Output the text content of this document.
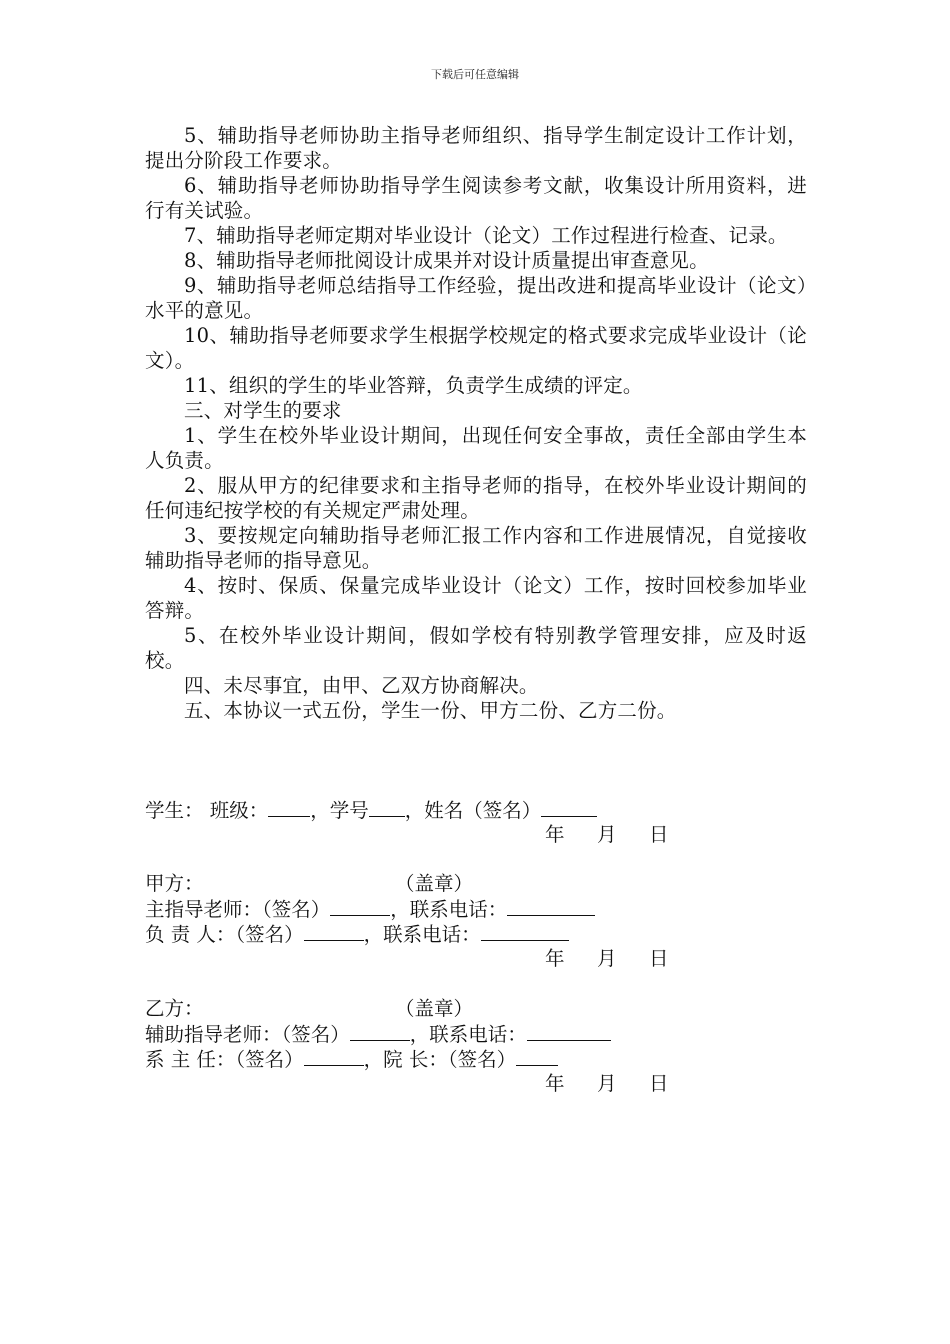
下载后可任意编辑

5、辅助指导老师协助主指导老师组织、指导学生制定设计工作计划，提出分阶段工作要求。

6、辅助指导老师协助指导学生阅读参考文献，收集设计所用资料，进行有关试验。

7、辅助指导老师定期对毕业设计（论文）工作过程进行检查、记录。

8、辅助指导老师批阅设计成果并对设计质量提出审查意见。

9、辅助指导老师总结指导工作经验，提出改进和提高毕业设计（论文）水平的意见。

10、辅助指导老师要求学生根据学校规定的格式要求完成毕业设计（论文）。

11、组织的学生的毕业答辩，负责学生成绩的评定。

三、对学生的要求

1、学生在校外毕业设计期间，出现任何安全事故，责任全部由学生本人负责。

2、服从甲方的纪律要求和主指导老师的指导，在校外毕业设计期间的任何违纪按学校的有关规定严肃处理。

3、要按规定向辅助指导老师汇报工作内容和工作进展情况，自觉接收辅助指导老师的指导意见。

4、按时、保质、保量完成毕业设计（论文）工作，按时回校参加毕业答辩。

5、在校外毕业设计期间，假如学校有特别教学管理安排，应及时返校。

四、未尽事宜，由甲、乙双方协商解决。

五、本协议一式五份，学生一份、甲方二份、乙方二份。

学生： 班级： ，学号 ，姓名（签名）
年 月 日
甲方：	（盖章）
主指导老师：（签名）	，联系电话：
负 责 人：（签名）	，联系电话：
年 月 日
乙方：	（盖章）
辅助指导老师：（签名）	，联系电话：
系 主 任：（签名）	，院 长：（签名）
年 月 日
